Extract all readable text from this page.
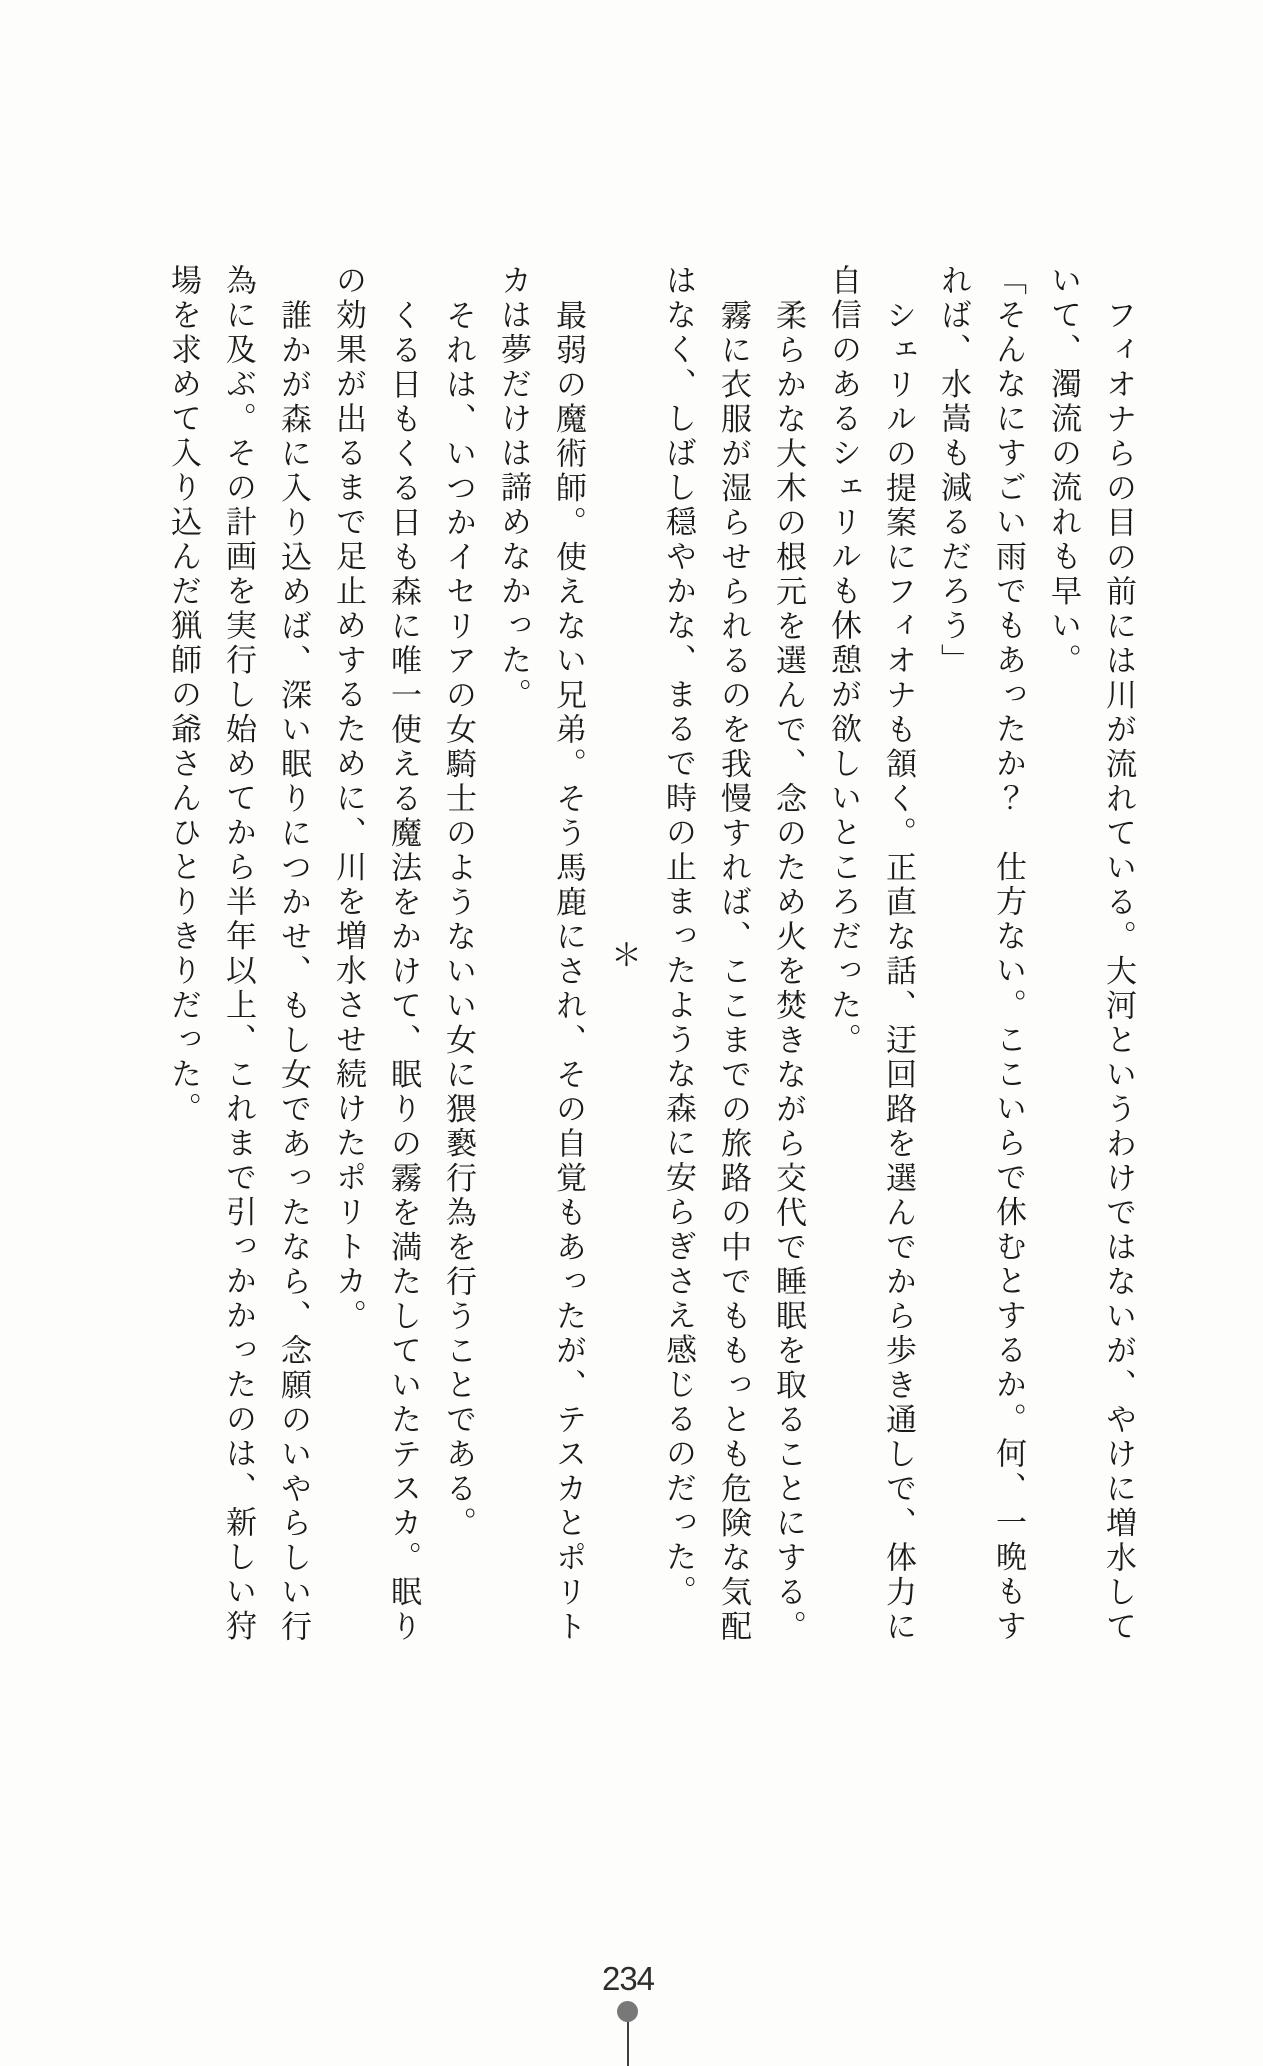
フィオナらの目の前には川が流れている。大河というわけではないが、やけに増水していて、濁流の流れも早い。

「そんなにすごい雨でもあったか？　仕方ない。ここいらで休むとするか。何、一晩もすれば、水嵩も減るだろう」

シェリルの提案にフィオナも頷く。正直な話、迂回路を選んでから歩き通しで、体力に自信のあるシェリルも休憩が欲しいところだった。

柔らかな大木の根元を選んで、念のため火を焚きながら交代で睡眠を取ることにする。

霧に衣服が湿らせられるのを我慢すれば、ここまでの旅路の中でももっとも危険な気配はなく、しばし穏やかな、まるで時の止まったような森に安らぎさえ感じるのだった。

＊

最弱の魔術師。使えない兄弟。そう馬鹿にされ、その自覚もあったが、テスカとポリトカは夢だけは諦めなかった。

それは、いつかイセリアの女騎士のようないい女に猥褻行為を行うことである。

くる日もくる日も森に唯一使える魔法をかけて、眠りの霧を満たしていたテスカ。眠りの効果が出るまで足止めするために、川を増水させ続けたポリトカ。

誰かが森に入り込めば、深い眠りにつかせ、もし女であったなら、念願のいやらしい行為に及ぶ。その計画を実行し始めてから半年以上、これまで引っかかったのは、新しい狩場を求めて入り込んだ猟師の爺さんひとりきりだった。

234
